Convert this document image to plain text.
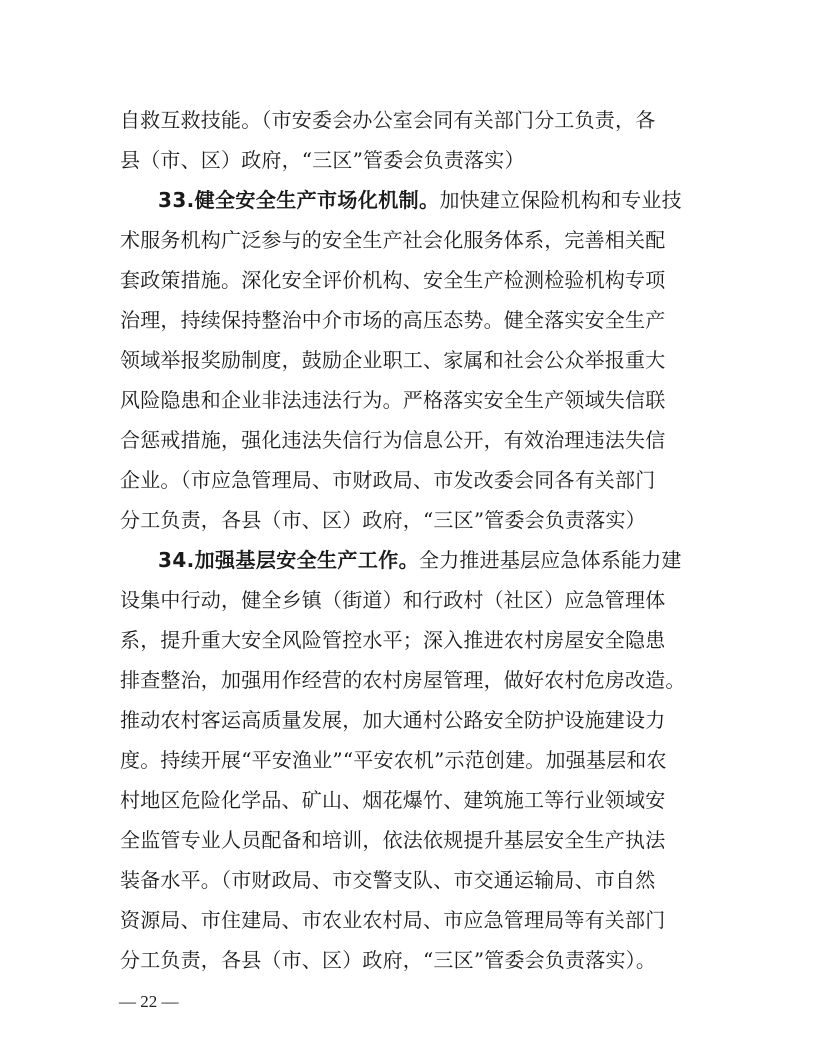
自救互救技能。（市安委会办公室会同有关部门分工负责，各
县（市、区）政府，“三区”管委会负责落实）
33.健全安全生产市场化机制。加快建立保险机构和专业技
术服务机构广泛参与的安全生产社会化服务体系，完善相关配
套政策措施。深化安全评价机构、安全生产检测检验机构专项
治理，持续保持整治中介市场的高压态势。健全落实安全生产
领域举报奖励制度，鼓励企业职工、家属和社会公众举报重大
风险隐患和企业非法违法行为。严格落实安全生产领域失信联
合惩戒措施，强化违法失信行为信息公开，有效治理违法失信
企业。（市应急管理局、市财政局、市发改委会同各有关部门
分工负责，各县（市、区）政府，“三区”管委会负责落实）
34.加强基层安全生产工作。全力推进基层应急体系能力建
设集中行动，健全乡镇（街道）和行政村（社区）应急管理体
系，提升重大安全风险管控水平；深入推进农村房屋安全隐患
排查整治，加强用作经营的农村房屋管理，做好农村危房改造。
推动农村客运高质量发展，加大通村公路安全防护设施建设力
度。持续开展“平安渔业”“平安农机”示范创建。加强基层和农
村地区危险化学品、矿山、烟花爆竹、建筑施工等行业领域安
全监管专业人员配备和培训，依法依规提升基层安全生产执法
装备水平。（市财政局、市交警支队、市交通运输局、市自然
资源局、市住建局、市农业农村局、市应急管理局等有关部门
分工负责，各县（市、区）政府，“三区”管委会负责落实）。
— 22 —
